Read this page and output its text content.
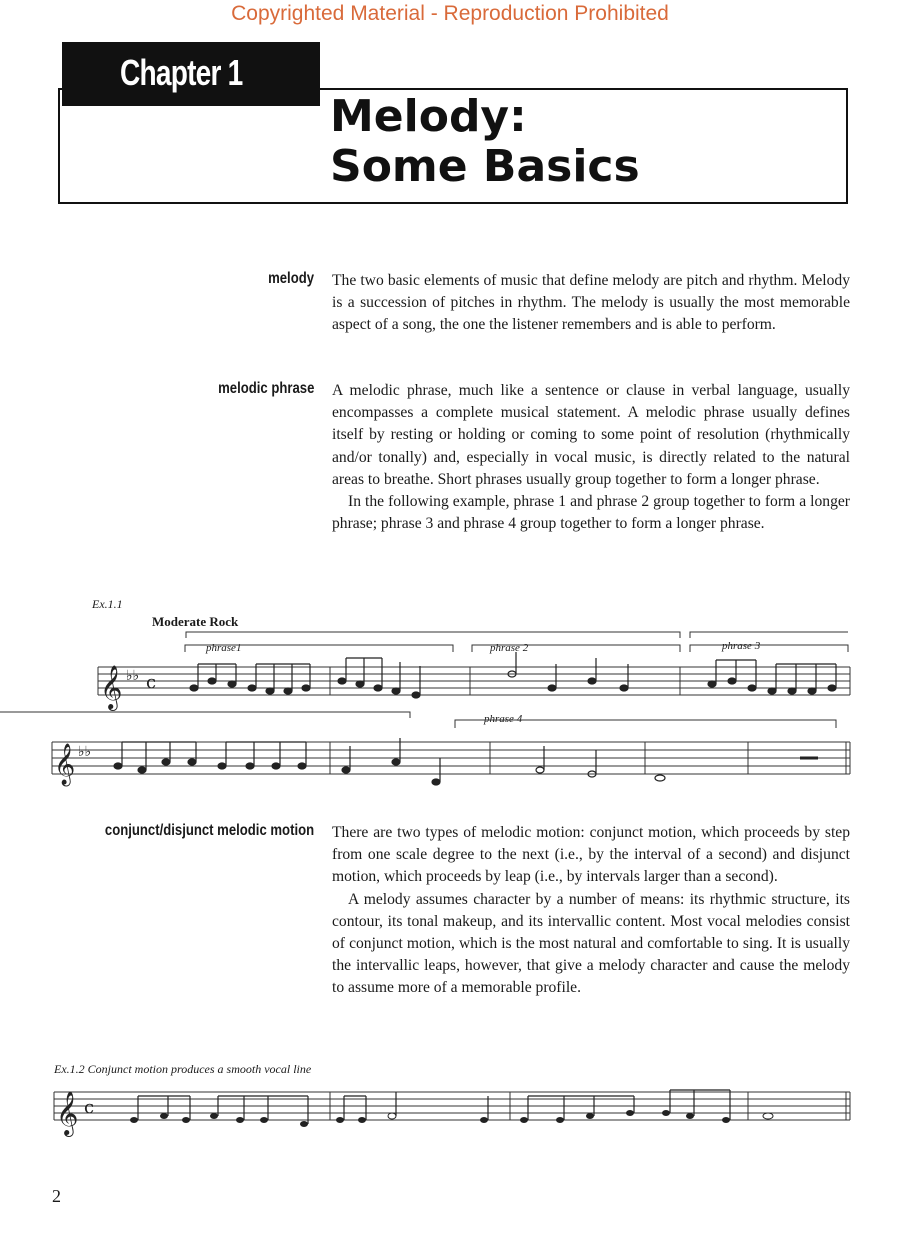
Copyrighted Material - Reproduction Prohibited
Chapter 1
Melody:
Some Basics
melody The two basic elements of music that define melody are pitch and rhythm. Melody is a succession of pitches in rhythm. The melody is usually the most memorable aspect of a song, the one the listener remembers and is able to perform.

melodic phrase A melodic phrase, much like a sentence or clause in verbal language, usually encompasses a complete musical statement. A melodic phrase usually defines itself by resting or holding or coming to some point of resolution (rhythmically and/or tonally) and, especially in vocal music, is directly related to the natural areas to breathe. Short phrases usually group together to form a longer phrase.

In the following example, phrase 1 and phrase 2 group together to form a longer phrase; phrase 3 and phrase 4 group together to form a longer phrase.

Ex.1.1
Moderate Rock
phrase1	phrase 2	phrase 3
phrase 4
𝄞 ♭♭ c
𝄞 ♭♭
conjunct/disjunct melodic motion There are two types of melodic motion: conjunct motion, which proceeds by step from one scale degree to the next (i.e., by the interval of a second) and disjunct motion, which proceeds by leap (i.e., by intervals larger than a second).

A melody assumes character by a number of means: its rhythmic structure, its contour, its tonal makeup, and its intervallic content. Most vocal melodies consist of conjunct motion, which is the most natural and comfortable to sing. It is usually the intervallic leaps, however, that give a melody character and cause the melody to assume more of a memorable profile.

Ex.1.2 Conjunct motion produces a smooth vocal line
𝄞 c
2
